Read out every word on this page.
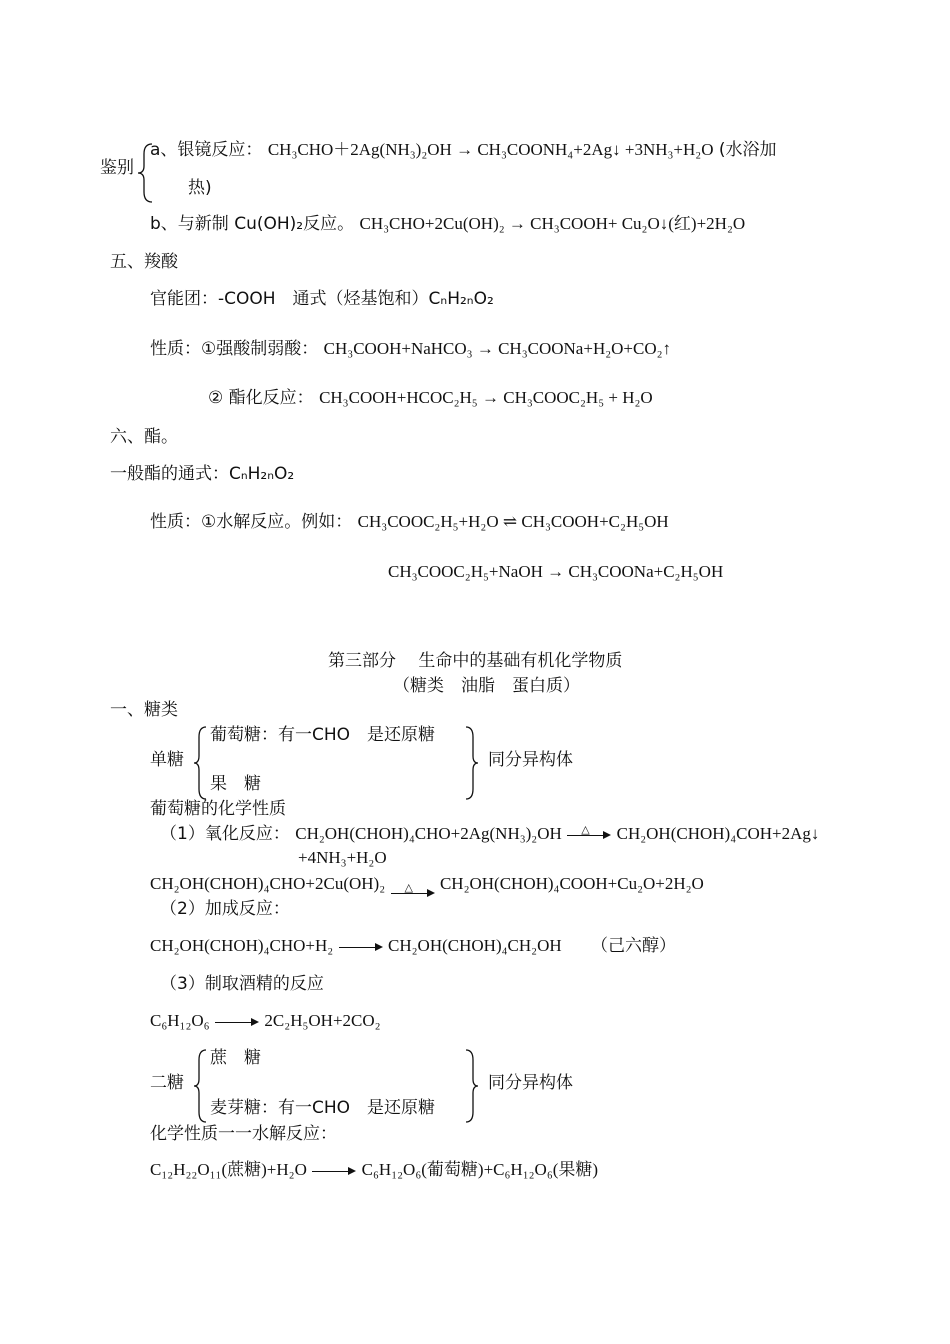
鉴别
a、银镜反应： CH₃CHO＋2Ag(NH₃)₂OH → CH₃COONH₄+2Ag↓ +3NH₃+H₂O (水浴加
热)
b、与新制 Cu(OH)₂反应。 CH₃CHO+2Cu(OH)₂ → CH₃COOH+ Cu₂O↓(红)+2H₂O
五、羧酸
官能团：-COOH　通式（烃基饱和）CₙH₂ₙO₂
性质：①强酸制弱酸： CH₃COOH+NaHCO₃ → CH₃COONa+H₂O+CO₂↑
② 酯化反应： CH₃COOH+HCOC₂H₅ → CH₃COOC₂H₅ + H₂O
六、酯。
一般酯的通式：CₙH₂ₙO₂
性质：①水解反应。例如： CH₃COOC₂H₅+H₂O ⇌ CH₃COOH+C₂H₅OH
CH₃COOC₂H₅+NaOH → CH₃COONa+C₂H₅OH
第三部分　 生命中的基础有机化学物质
（糖类　油脂　蛋白质）
一、糖类
单糖
葡萄糖：有一CHO　是还原糖
果　糖
同分异构体
葡萄糖的化学性质
（1）氧化反应： CH₂OH(CHOH)₄CHO+2Ag(NH₃)₂OH △ CH₂OH(CHOH)₄COH+2Ag↓
+4NH₃+H₂O
CH₂OH(CHOH)₄CHO+2Cu(OH)₂ △ CH₂OH(CHOH)₄COOH+Cu₂O+2H₂O
（2）加成反应：
CH₂OH(CHOH)₄CHO+H₂	CH₂OH(CHOH)₄CH₂OH （己六醇）
（3）制取酒精的反应
C₆H₁₂O₆	2C₂H₅OH+2CO₂
二糖
蔗　糖
麦芽糖：有一CHO　是还原糖
同分异构体
化学性质一一水解反应：
C₁₂H₂₂O₁₁(蔗糖)+H₂O	C₆H₁₂O₆(葡萄糖)+C₆H₁₂O₆(果糖)
